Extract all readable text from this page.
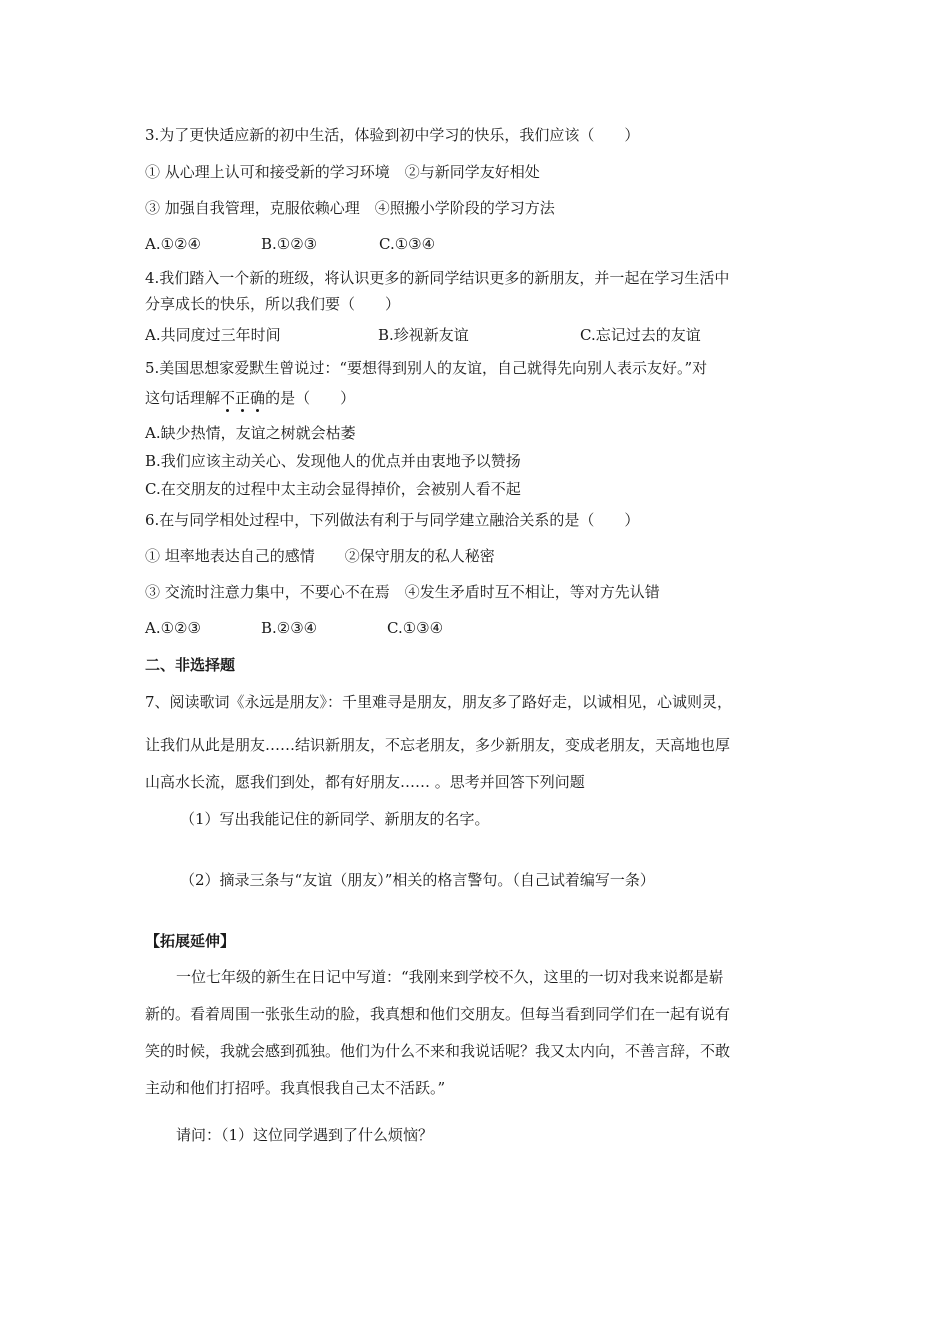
3.为了更快适应新的初中生活，体验到初中学习的快乐，我们应该（　　）
① 从心理上认可和接受新的学习环境　②与新同学友好相处
③ 加强自我管理，克服依赖心理　④照搬小学阶段的学习方法
A.①②④	B.①②③	C.①③④
4.我们踏入一个新的班级，将认识更多的新同学结识更多的新朋友，并一起在学习生活中
分享成长的快乐，所以我们要（　　）
A.共同度过三年时间	B.珍视新友谊	C.忘记过去的友谊
5.美国思想家爱默生曾说过：“要想得到别人的友谊，自己就得先向别人表示友好。”对
这句话理解不正确的是（　　）
A.缺少热情，友谊之树就会枯萎
B.我们应该主动关心、发现他人的优点并由衷地予以赞扬
C.在交朋友的过程中太主动会显得掉价，会被别人看不起
6.在与同学相处过程中，下列做法有利于与同学建立融洽关系的是（　　）
① 坦率地表达自己的感情　　②保守朋友的私人秘密
③ 交流时注意力集中，不要心不在焉　④发生矛盾时互不相让，等对方先认错
A.①②③	B.②③④	C.①③④
二、非选择题
7、阅读歌词《永远是朋友》：千里难寻是朋友，朋友多了路好走，以诚相见，心诚则灵，
让我们从此是朋友……结识新朋友，不忘老朋友，多少新朋友，变成老朋友，天高地也厚
山高水长流，愿我们到处，都有好朋友…… 。思考并回答下列问题
（1）写出我能记住的新同学、新朋友的名字。
（2）摘录三条与“友谊（朋友）”相关的格言警句。（自己试着编写一条）
【拓展延伸】
一位七年级的新生在日记中写道：“我刚来到学校不久，这里的一切对我来说都是崭
新的。看着周围一张张生动的脸，我真想和他们交朋友。但每当看到同学们在一起有说有
笑的时候，我就会感到孤独。他们为什么不来和我说话呢？我又太内向，不善言辞，不敢
主动和他们打招呼。我真恨我自己太不活跃。”
请问：（1）这位同学遇到了什么烦恼？
